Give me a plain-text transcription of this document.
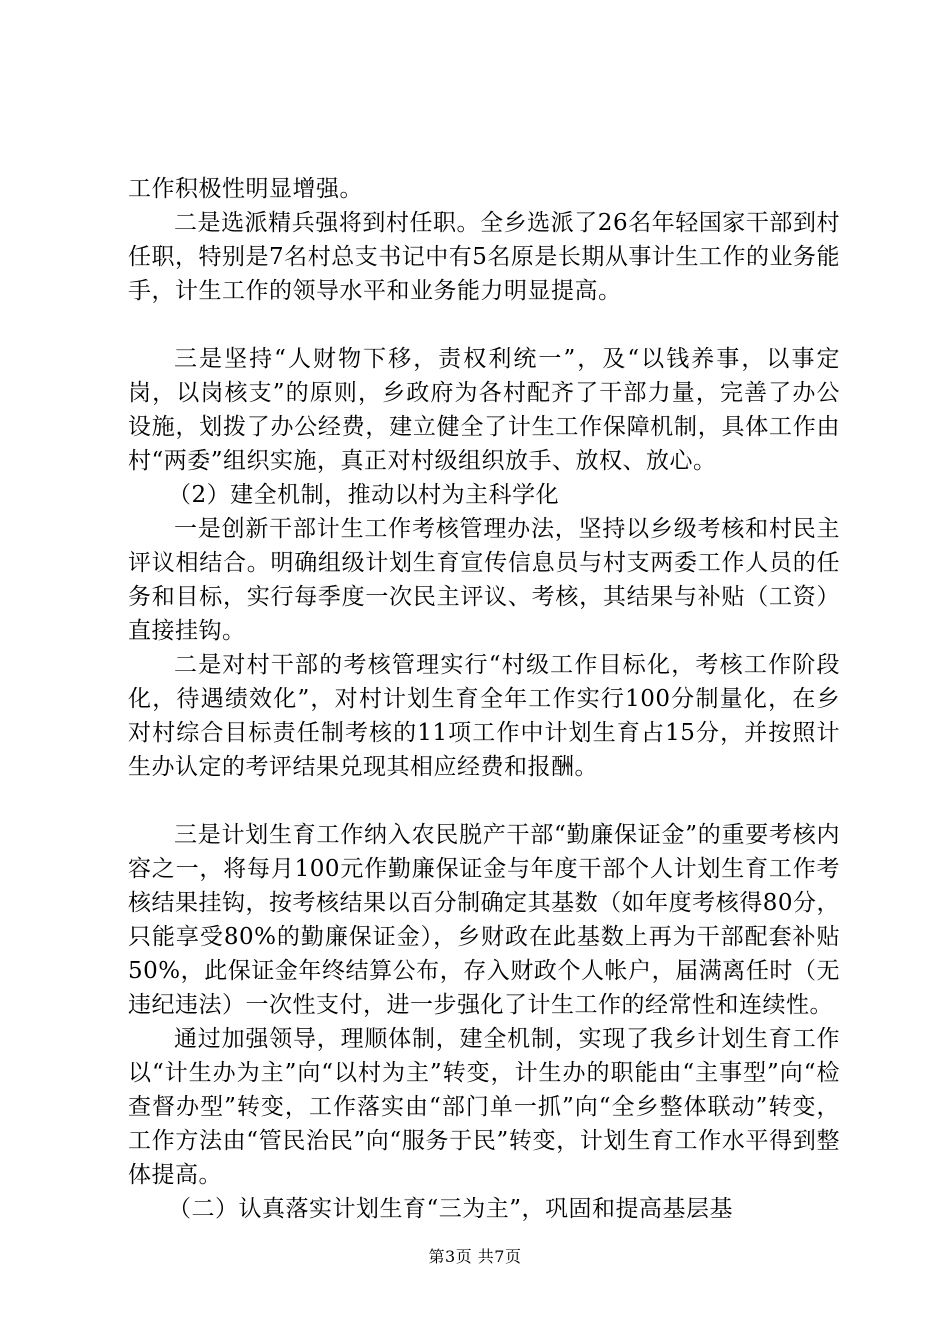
工作积极性明显增强。

二是选派精兵强将到村任职。全乡选派了26名年轻国家干部到村任职，特别是7名村总支书记中有5名原是长期从事计生工作的业务能手，计生工作的领导水平和业务能力明显提高。

三是坚持“人财物下移，责权利统一”，及“以钱养事，以事定岗，以岗核支”的原则，乡政府为各村配齐了干部力量，完善了办公设施，划拨了办公经费，建立健全了计生工作保障机制，具体工作由村“两委”组织实施，真正对村级组织放手、放权、放心。

（2）建全机制，推动以村为主科学化

一是创新干部计生工作考核管理办法，坚持以乡级考核和村民主评议相结合。明确组级计划生育宣传信息员与村支两委工作人员的任务和目标，实行每季度一次民主评议、考核，其结果与补贴（工资）直接挂钩。

二是对村干部的考核管理实行“村级工作目标化，考核工作阶段化，待遇绩效化”，对村计划生育全年工作实行100分制量化，在乡对村综合目标责任制考核的11项工作中计划生育占15分，并按照计生办认定的考评结果兑现其相应经费和报酬。

三是计划生育工作纳入农民脱产干部“勤廉保证金”的重要考核内容之一，将每月100元作勤廉保证金与年度干部个人计划生育工作考核结果挂钩，按考核结果以百分制确定其基数（如年度考核得80分，只能享受80%的勤廉保证金），乡财政在此基数上再为干部配套补贴50%，此保证金年终结算公布，存入财政个人帐户，届满离任时（无违纪违法）一次性支付，进一步强化了计生工作的经常性和连续性。

通过加强领导，理顺体制，建全机制，实现了我乡计划生育工作以“计生办为主”向“以村为主”转变，计生办的职能由“主事型”向“检查督办型”转变，工作落实由“部门单一抓”向“全乡整体联动”转变，工作方法由“管民治民”向“服务于民”转变，计划生育工作水平得到整体提高。

（二）认真落实计划生育“三为主”，巩固和提高基层基

第3页 共7页
